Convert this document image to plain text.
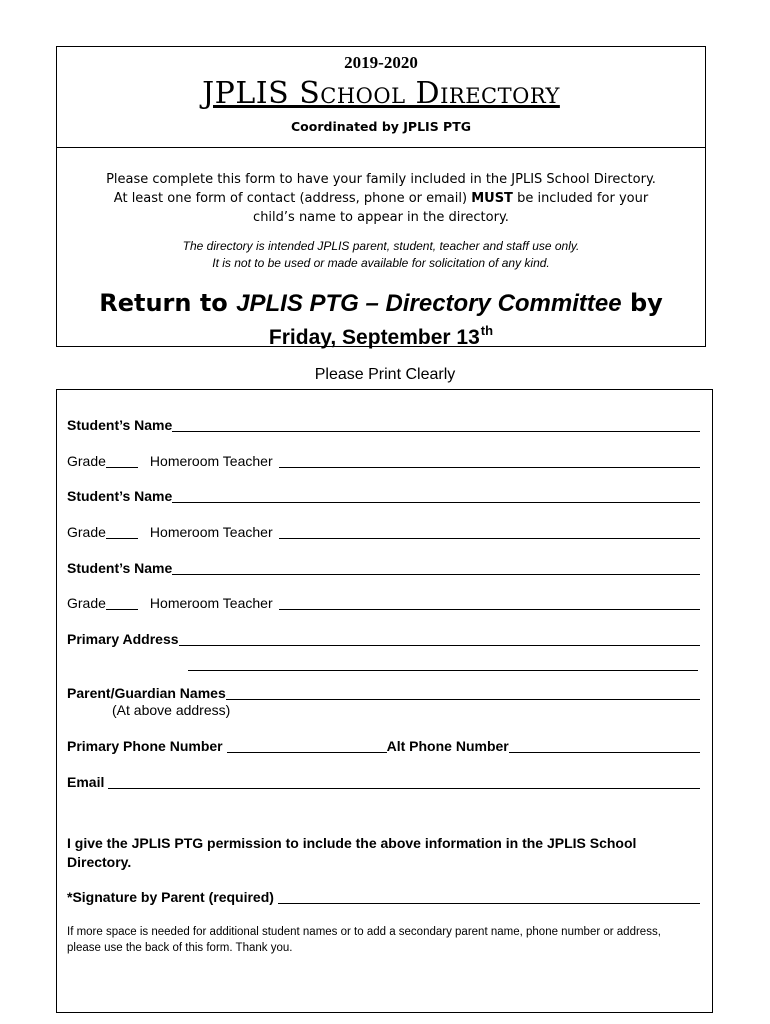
2019-2020
JPLIS School Directory
Coordinated by JPLIS PTG
Please complete this form to have your family included in the JPLIS School Directory.
At least one form of contact (address, phone or email) MUST be included for your
child’s name to appear in the directory.
The directory is intended JPLIS parent, student, teacher and staff use only.
It is not to be used or made available for solicitation of any kind.
Return to JPLIS PTG – Directory Committee by
Friday, September 13th
Please Print Clearly
Student’s Name
Grade	Homeroom Teacher
Student’s Name
Grade	Homeroom Teacher
Student’s Name
Grade	Homeroom Teacher
Primary Address
Parent/Guardian Names
(At above address)
Primary Phone Number	Alt Phone Number
Email
I give the JPLIS PTG permission to include the above information in the JPLIS School Directory.
*Signature by Parent (required)
If more space is needed for additional student names or to add a secondary parent name, phone number or address, please use the back of this form. Thank you.
